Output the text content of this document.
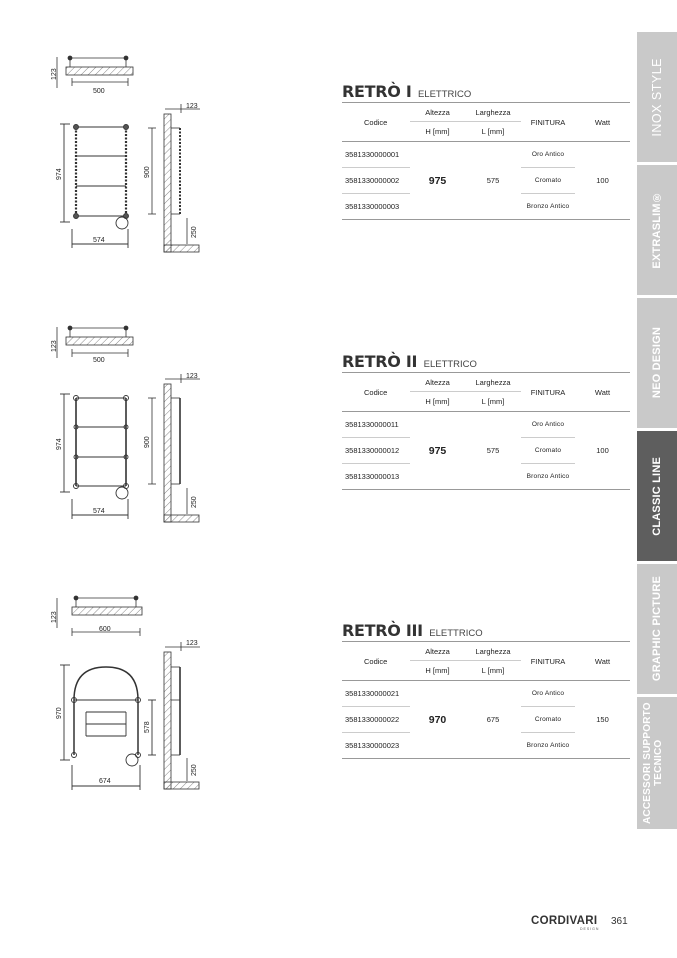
123
500
974
574
123
900
250
123
500
974
574
123
900
250
123
600
970
578
674
123
250
RETRÒ I ELETTRICO
Codice	Altezza	Larghezza	FINITURA	Watt
	H [mm]	L [mm]		
3581330000001	975	575	Oro Antico	100
3581330000002			Cromato	
3581330000003			Bronzo Antico	
RETRÒ II ELETTRICO
Codice	Altezza	Larghezza	FINITURA	Watt
	H [mm]	L [mm]		
3581330000011	975	575	Oro Antico	100
3581330000012			Cromato	
3581330000013			Bronzo Antico	
RETRÒ III ELETTRICO
Codice	Altezza	Larghezza	FINITURA	Watt
	H [mm]	L [mm]		
3581330000021	970	675	Oro Antico	150
3581330000022			Cromato	
3581330000023			Bronzo Antico	
INOX STYLE
EXTRASLIM®
NEO DESIGN
CLASSIC LINE
GRAPHIC PICTURE
ACCESSORI SUPPORTO TECNICO
CORDIVARI
DESIGN
361
